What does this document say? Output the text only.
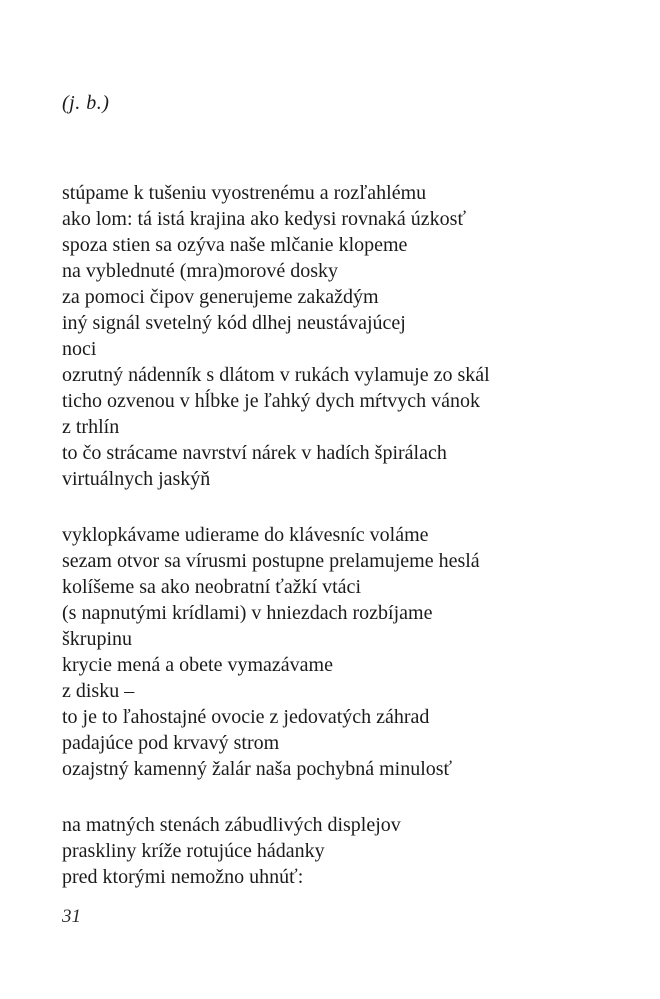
(j. b.)
stúpame k tušeniu vyostrenému a rozľahlému
ako lom: tá istá krajina ako kedysi rovnaká úzkosť
spoza stien sa ozýva naše mlčanie klopeme
na vyblednuté (mra)morové dosky
za pomoci čipov generujeme zakaždým
iný signál svetelný kód dlhej neustávajúcej
noci
ozrutný nádenník s dlátom v rukách vylamuje zo skál
ticho ozvenou v hĺbke je ľahký dych mŕtvych vánok
z trhlín
to čo strácame navrství nárek v hadích špirálach
virtuálnych jaskýň
vyklopkávame udierame do klávesníc voláme
sezam otvor sa vírusmi postupne prelamujeme heslá
kolíšeme sa ako neobratní ťažkí vtáci
(s napnutými krídlami) v hniezdach rozbíjame
škrupinu
krycie mená a obete vymazávame
z disku –
to je to ľahostajné ovocie z jedovatých záhrad
padajúce pod krvavý strom
ozajstný kamenný žalár naša pochybná minulosť
na matných stenách zábudlivých displejov
praskliny kríže rotujúce hádanky
pred ktorými nemožno uhnúť:
31
